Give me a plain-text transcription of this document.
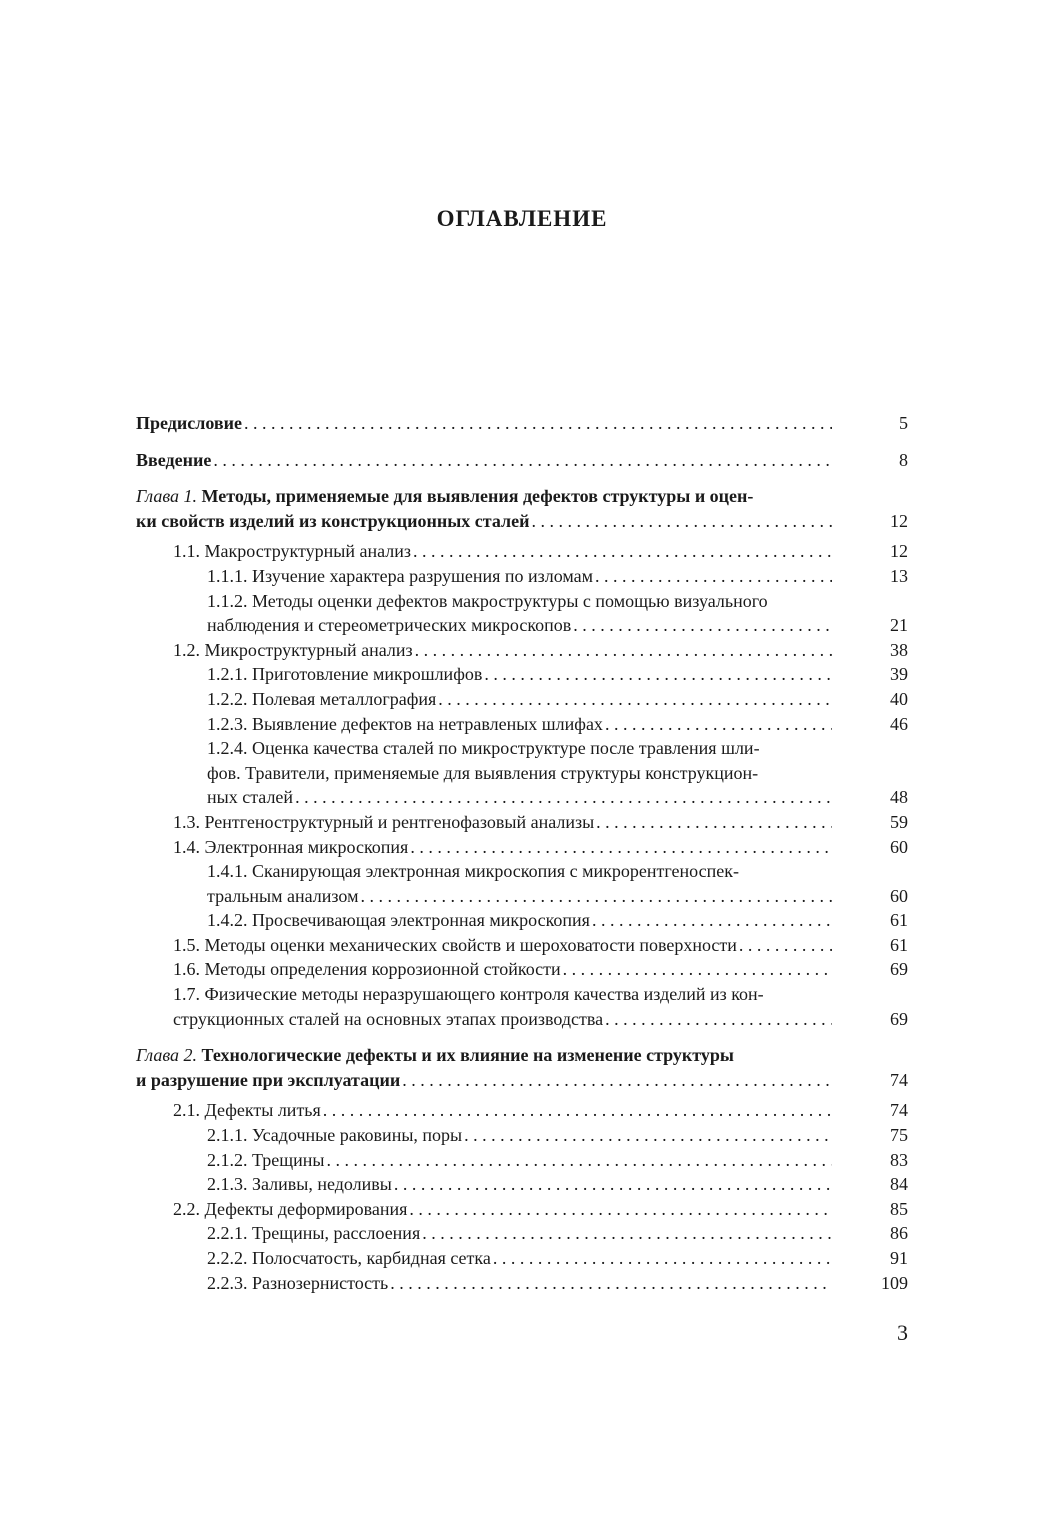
ОГЛАВЛЕНИЕ
Предисловие . . .	5
Введение . . .	8
Глава 1. Методы, применяемые для выявления дефектов структуры и оцен-
ки свойств изделий из конструкционных сталей . . .	12
1.1. Макроструктурный анализ . . .	12
1.1.1. Изучение характера разрушения по изломам . . .	13
1.1.2. Методы оценки дефектов макроструктуры с помощью визуального
наблюдения и стереометрических микроскопов . . .	21
1.2. Микроструктурный анализ . . .	38
1.2.1. Приготовление микрошлифов . . .	39
1.2.2. Полевая металлография . . .	40
1.2.3. Выявление дефектов на нетравленых шлифах . . .	46
1.2.4. Оценка качества сталей по микроструктуре после травления шли-
фов. Травители, применяемые для выявления структуры конструкцион-
ных сталей . . .	48
1.3. Рентгеноструктурный и рентгенофазовый анализы . . .	59
1.4. Электронная микроскопия . . .	60
1.4.1. Сканирующая электронная микроскопия с микрорентгеноспек-
тральным анализом . . .	60
1.4.2. Просвечивающая электронная микроскопия . . .	61
1.5. Методы оценки механических свойств и шероховатости поверхности . . .	61
1.6. Методы определения коррозионной стойкости . . .	69
1.7. Физические методы неразрушающего контроля качества изделий из кон-
струкционных сталей на основных этапах производства . . .	69
Глава 2. Технологические дефекты и их влияние на изменение структуры
и разрушение при эксплуатации . . .	74
2.1. Дефекты литья . . .	74
2.1.1. Усадочные раковины, поры . . .	75
2.1.2. Трещины . . .	83
2.1.3. Заливы, недоливы . . .	84
2.2. Дефекты деформирования . . .	85
2.2.1. Трещины, расслоения . . .	86
2.2.2. Полосчатость, карбидная сетка . . .	91
2.2.3. Разнозернистость . . .	109
3
